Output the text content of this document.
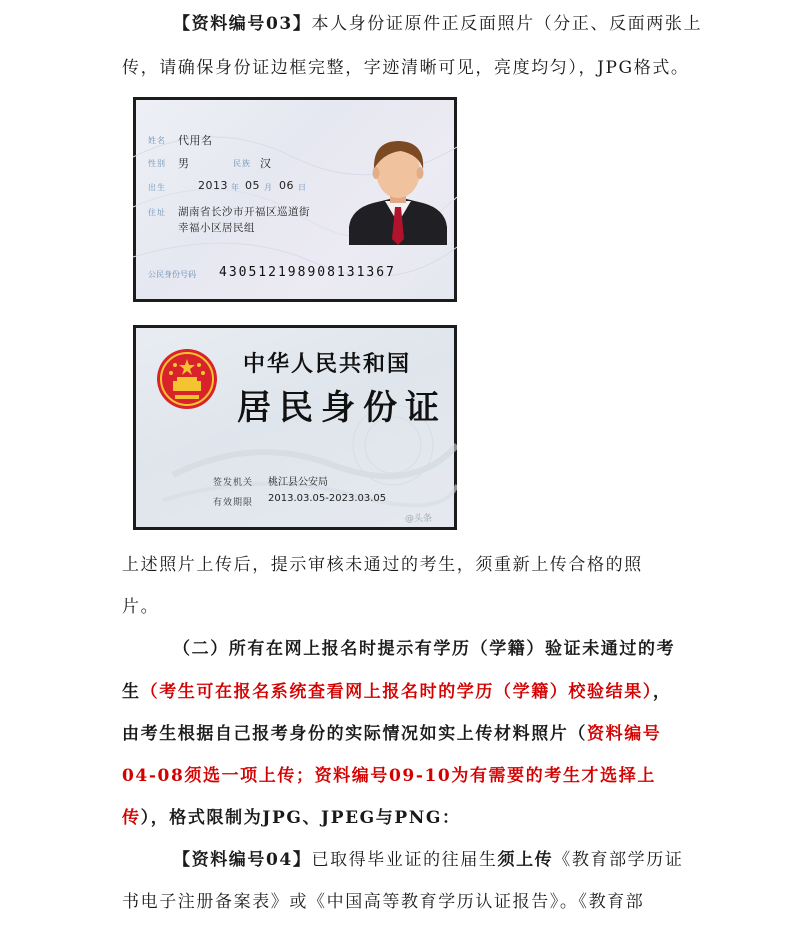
【资料编号03】本人身份证原件正反面照片（分正、反面两张上
传，请确保身份证边框完整，字迹清晰可见，亮度均匀），JPG格式。
姓名 代用名
性别 男	民族 汉
出生	2013 年 05 月 06 日
住址 湖南省长沙市开福区巡道街
幸福小区居民组
公民身份号码 430512198908131367
中华人民共和国
居民身份证
签发机关 桃江县公安局
有效期限 2013.03.05-2023.03.05
@头条
上述照片上传后，提示审核未通过的考生，须重新上传合格的照
片。
（二）所有在网上报名时提示有学历（学籍）验证未通过的考
生（考生可在报名系统查看网上报名时的学历（学籍）校验结果），
由考生根据自己报考身份的实际情况如实上传材料照片（资料编号
04-08须选一项上传；资料编号09-10为有需要的考生才选择上
传），格式限制为JPG、JPEG与PNG：
【资料编号04】已取得毕业证的往届生须上传《教育部学历证
书电子注册备案表》或《中国高等教育学历认证报告》。《教育部
